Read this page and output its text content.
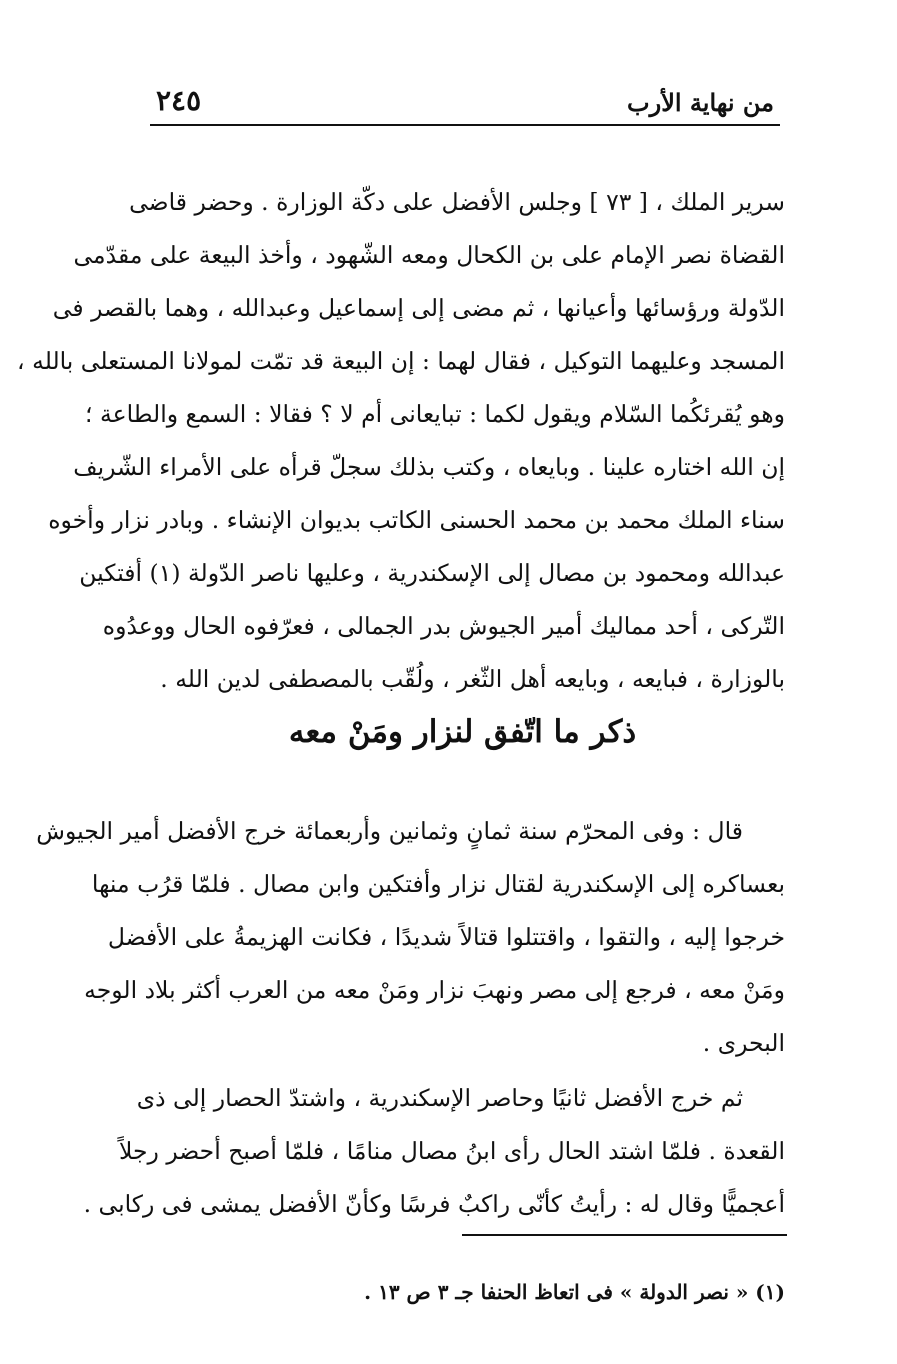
من نهاية الأرب
٢٤٥
سرير الملك ، [ ٧٣ ] وجلس الأفضل على دكّة الوزارة . وحضر قاضى
القضاة نصر الإمام على بن الكحال ومعه الشّهود ، وأخذ البيعة على مقدّمى
الدّولة ورؤسائها وأعيانها ، ثم مضى إلى إسماعيل وعبدالله ، وهما بالقصر فى
المسجد وعليهما التوكيل ، فقال لهما : إن البيعة قد تمّت لمولانا المستعلى بالله ،
وهو يُقرئكُما السّلام ويقول لكما : تبايعانى أم لا ؟ فقالا : السمع والطاعة ؛
إن الله اختاره علينا . وبايعاه ، وكتب بذلك سجلّ قرأه على الأمراء الشّريف
سناء الملك محمد بن محمد الحسنى الكاتب بديوان الإنشاء . وبادر نزار وأخوه
عبدالله ومحمود بن مصال إلى الإسكندرية ، وعليها ناصر الدّولة (١) أفتكين
التّركى ، أحد مماليك أمير الجيوش بدر الجمالى ، فعرّفوه الحال ووعدُوه
بالوزارة ، فبايعه ، وبايعه أهل الثّغر ، ولُقّب بالمصطفى لدين الله .
ذكر ما اتّفق لنزار ومَنْ معه
قال : وفى المحرّم سنة ثمانٍ وثمانين وأربعمائة خرج الأفضل أمير الجيوش
بعساكره إلى الإسكندرية لقتال نزار وأفتكين وابن مصال . فلمّا قرُب منها
خرجوا إليه ، والتقوا ، واقتتلوا قتالاً شديدًا ، فكانت الهزيمةُ على الأفضل
ومَنْ معه ، فرجع إلى مصر ونهبَ نزار ومَنْ معه من العرب أكثر بلاد الوجه
البحرى .
ثم خرج الأفضل ثانيًا وحاصر الإسكندرية ، واشتدّ الحصار إلى ذى
القعدة . فلمّا اشتد الحال رأى ابنُ مصال منامًا ، فلمّا أصبح أحضر رجلاً
أعجميًّا وقال له : رأيتُ كأنّى راكبٌ فرسًا وكأنّ الأفضل يمشى فى ركابى .
(١) « نصر الدولة » فى اتعاظ الحنفا جـ ٣ ص ١٣ .
